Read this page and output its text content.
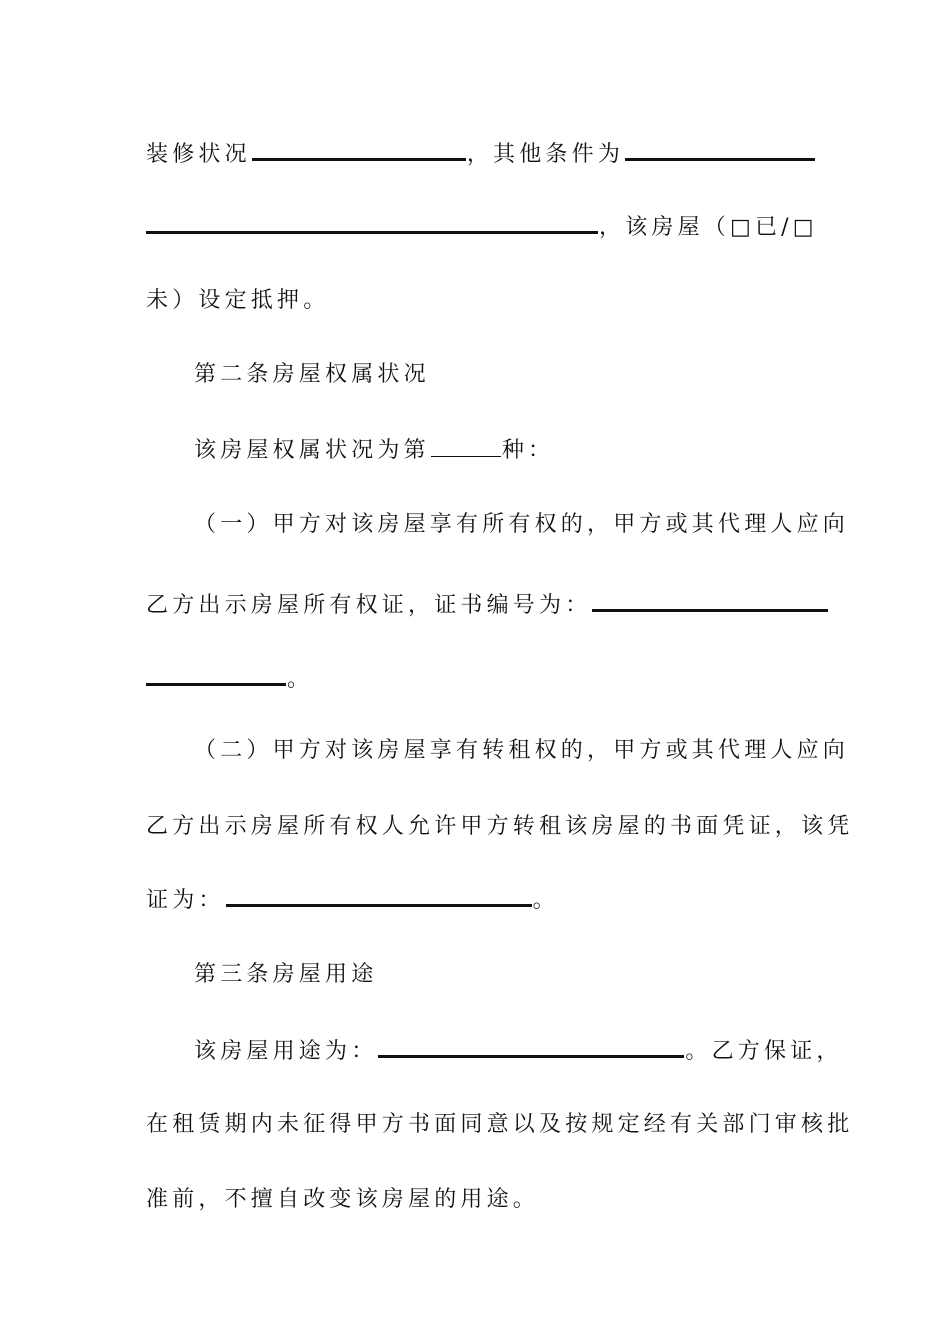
装修状况	，其他条件为
，该房屋（□已/□
未）设定抵押。
第二条房屋权属状况
该房屋权属状况为第	种：
（一）甲方对该房屋享有所有权的，甲方或其代理人应向
乙方出示房屋所有权证，证书编号为：
。
（二）甲方对该房屋享有转租权的，甲方或其代理人应向
乙方出示房屋所有权人允许甲方转租该房屋的书面凭证，该凭
证为：	。
第三条房屋用途
该房屋用途为：	。乙方保证，
在租赁期内未征得甲方书面同意以及按规定经有关部门审核批
准前，不擅自改变该房屋的用途。
